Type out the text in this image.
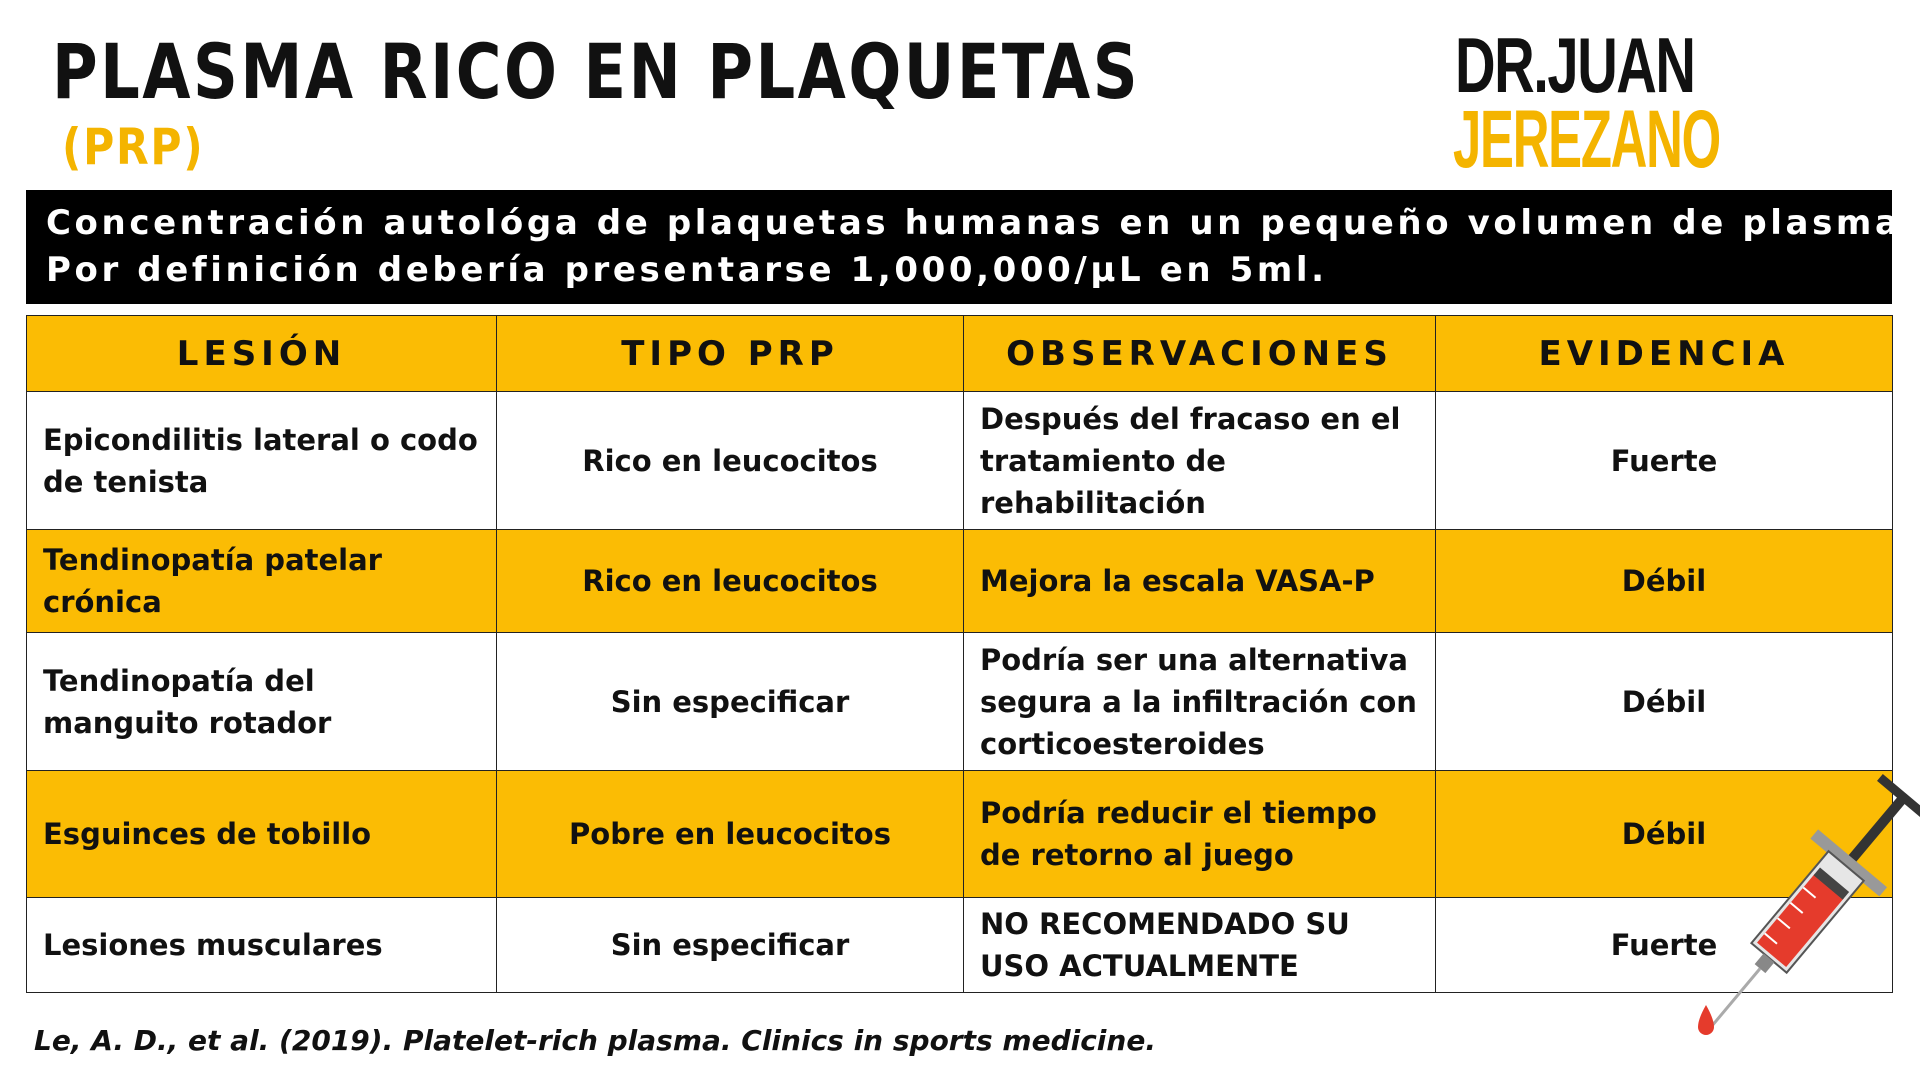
PLASMA RICO EN PLAQUETAS
(PRP)
DR.JUAN
JEREZANO
Concentración autológa de plaquetas humanas en un pequeño volumen de plasma.
Por definición debería presentarse 1,000,000/µL en 5ml.
LESIÓN	TIPO PRP	OBSERVACIONES	EVIDENCIA
Epicondilitis lateral o codo de tenista	Rico en leucocitos	Después del fracaso en el tratamiento de rehabilitación	Fuerte
Tendinopatía patelar crónica	Rico en leucocitos	Mejora la escala VASA-P	Débil
Tendinopatía del manguito rotador	Sin especificar	Podría ser una alternativa segura a la infiltración con corticoesteroides	Débil
Esguinces de tobillo	Pobre en leucocitos	Podría reducir el tiempo de retorno al juego	Débil
Lesiones musculares	Sin especificar	NO RECOMENDADO SU USO ACTUALMENTE	Fuerte
Le, A. D., et al. (2019). Platelet-rich plasma. Clinics in sports medicine.
